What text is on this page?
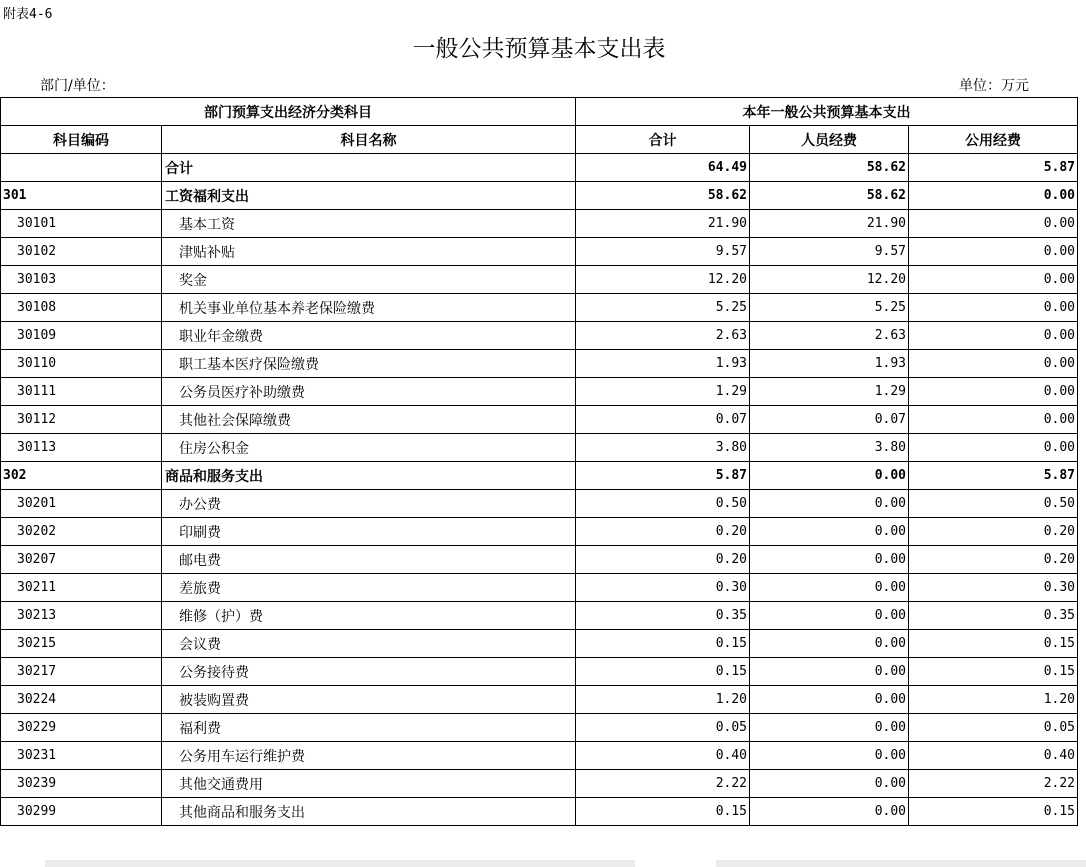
附表4-6
一般公共预算基本支出表
部门/单位：	单位：万元
部门预算支出经济分类科目		本年一般公共预算基本支出		
科目编码	科目名称	合计	人员经费	公用经费
	合计	64.49	58.62	5.87
301	工资福利支出	58.62	58.62	0.00
30101	基本工资	21.90	21.90	0.00
30102	津贴补贴	9.57	9.57	0.00
30103	奖金	12.20	12.20	0.00
30108	机关事业单位基本养老保险缴费	5.25	5.25	0.00
30109	职业年金缴费	2.63	2.63	0.00
30110	职工基本医疗保险缴费	1.93	1.93	0.00
30111	公务员医疗补助缴费	1.29	1.29	0.00
30112	其他社会保障缴费	0.07	0.07	0.00
30113	住房公积金	3.80	3.80	0.00
302	商品和服务支出	5.87	0.00	5.87
30201	办公费	0.50	0.00	0.50
30202	印刷费	0.20	0.00	0.20
30207	邮电费	0.20	0.00	0.20
30211	差旅费	0.30	0.00	0.30
30213	维修（护）费	0.35	0.00	0.35
30215	会议费	0.15	0.00	0.15
30217	公务接待费	0.15	0.00	0.15
30224	被装购置费	1.20	0.00	1.20
30229	福利费	0.05	0.00	0.05
30231	公务用车运行维护费	0.40	0.00	0.40
30239	其他交通费用	2.22	0.00	2.22
30299	其他商品和服务支出	0.15	0.00	0.15
